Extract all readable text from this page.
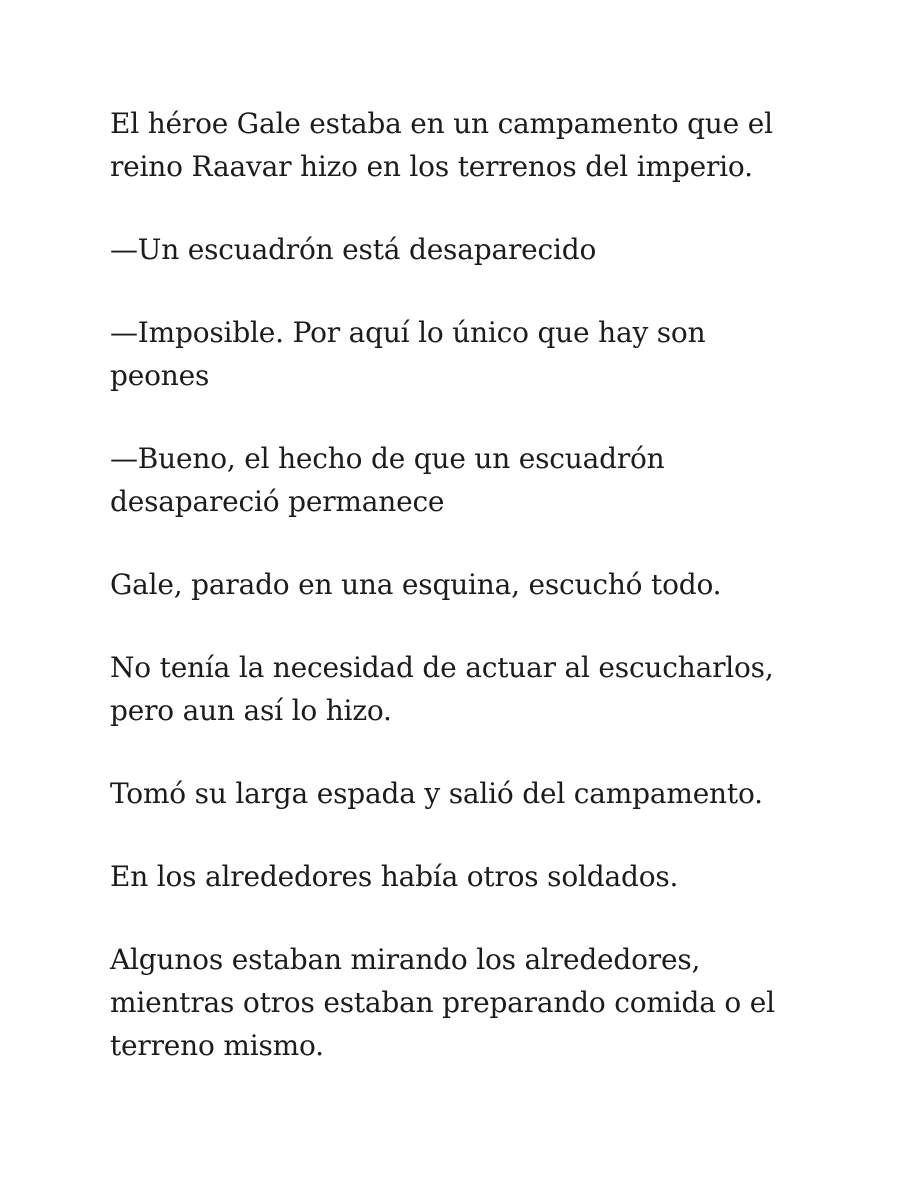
El héroe Gale estaba en un campamento que el
reino Raavar hizo en los terrenos del imperio.

—Un escuadrón está desaparecido

—Imposible. Por aquí lo único que hay son
peones

—Bueno, el hecho de que un escuadrón
desapareció permanece

Gale, parado en una esquina, escuchó todo.

No tenía la necesidad de actuar al escucharlos,
pero aun así lo hizo.

Tomó su larga espada y salió del campamento.

En los alrededores había otros soldados.

Algunos estaban mirando los alrededores,
mientras otros estaban preparando comida o el
terreno mismo.
